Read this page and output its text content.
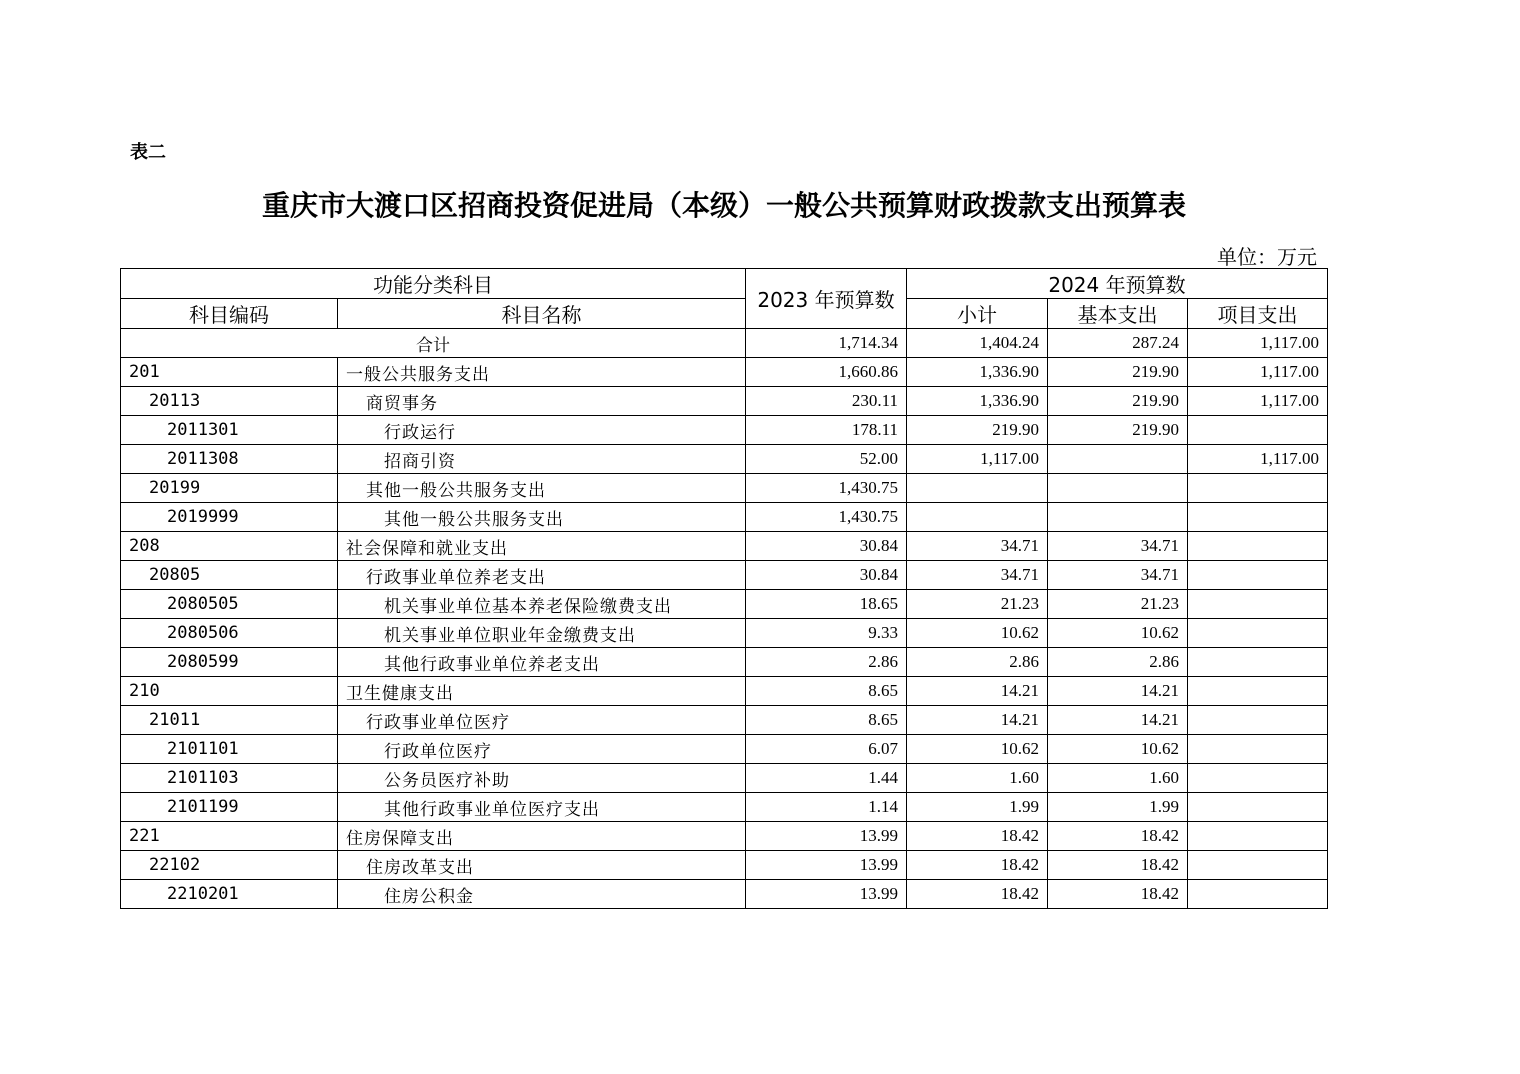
表二
重庆市大渡口区招商投资促进局（本级）一般公共预算财政拨款支出预算表
单位：万元
功能分类科目		2023 年预算数	2024 年预算数		
科目编码	科目名称		小计	基本支出	项目支出
合计		1,714.34	1,404.24	287.24	1,117.00
201	一般公共服务支出	1,660.86	1,336.90	219.90	1,117.00
20113	商贸事务	230.11	1,336.90	219.90	1,117.00
2011301	行政运行	178.11	219.90	219.90	
2011308	招商引资	52.00	1,117.00		1,117.00
20199	其他一般公共服务支出	1,430.75			
2019999	其他一般公共服务支出	1,430.75			
208	社会保障和就业支出	30.84	34.71	34.71	
20805	行政事业单位养老支出	30.84	34.71	34.71	
2080505	机关事业单位基本养老保险缴费支出	18.65	21.23	21.23	
2080506	机关事业单位职业年金缴费支出	9.33	10.62	10.62	
2080599	其他行政事业单位养老支出	2.86	2.86	2.86	
210	卫生健康支出	8.65	14.21	14.21	
21011	行政事业单位医疗	8.65	14.21	14.21	
2101101	行政单位医疗	6.07	10.62	10.62	
2101103	公务员医疗补助	1.44	1.60	1.60	
2101199	其他行政事业单位医疗支出	1.14	1.99	1.99	
221	住房保障支出	13.99	18.42	18.42	
22102	住房改革支出	13.99	18.42	18.42	
2210201	住房公积金	13.99	18.42	18.42	
